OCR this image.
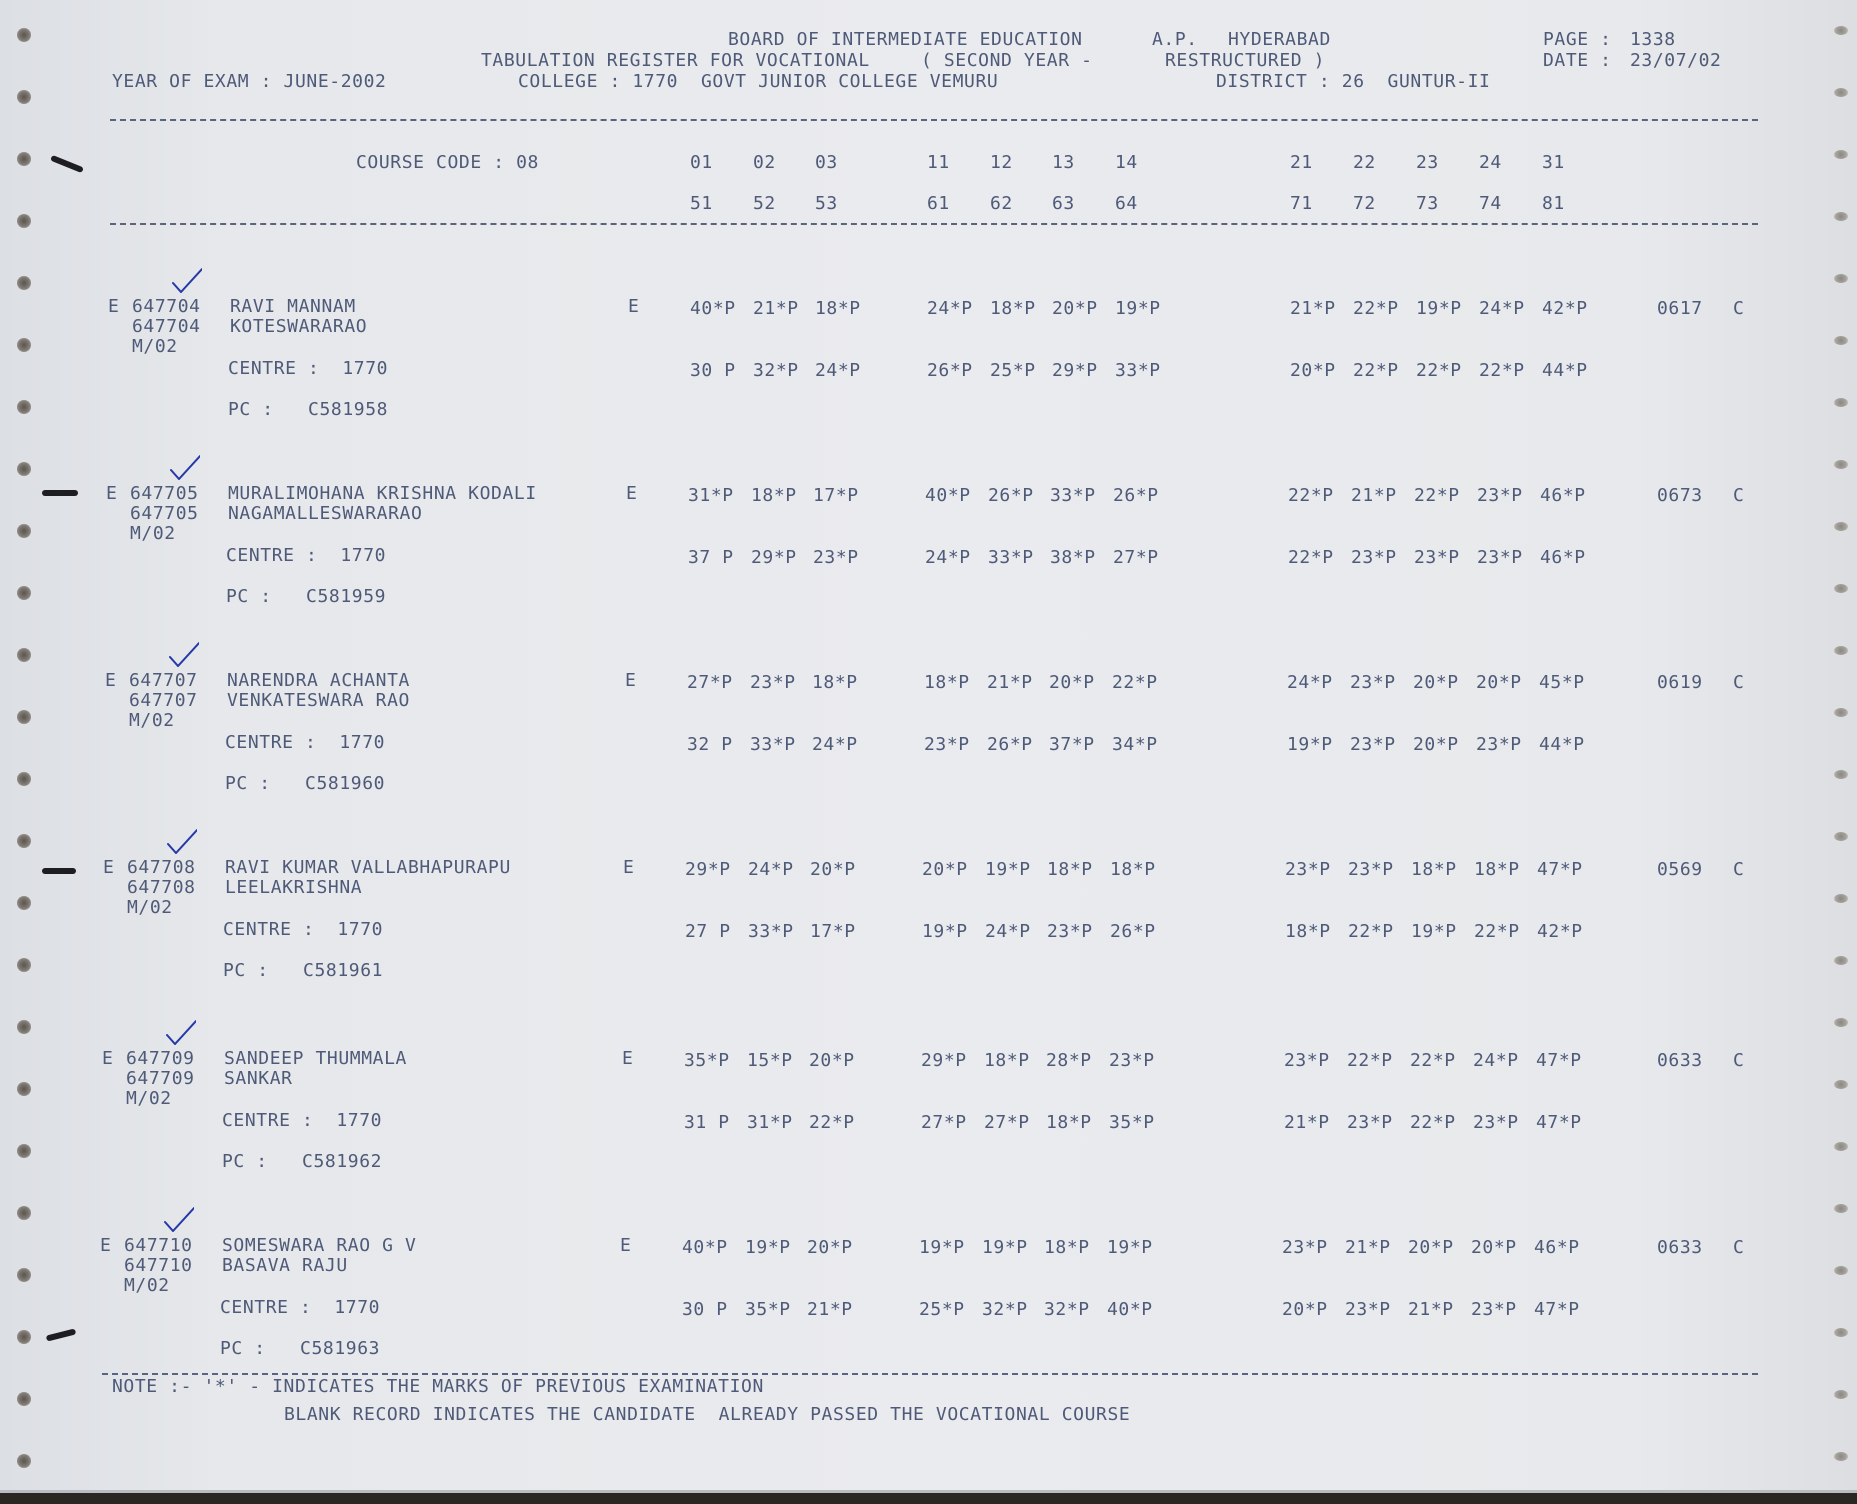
BOARD OF INTERMEDIATE EDUCATION	A.P. HYDERABAD	PAGE : 1338
TABULATION REGISTER FOR VOCATIONAL	( SECOND YEAR -	RESTRUCTURED )	DATE : 23/07/02
YEAR OF EXAM : JUNE-2002	COLLEGE : 1770  GOVT JUNIOR COLLEGE VEMURU	DISTRICT : 26  GUNTUR-II
COURSE CODE : 08	01 02 03	11 12 13 14	21 22 23 24 31
51 52 53	61 62 63 64	71 72 73 74 81
E 647704
647704
M/02
RAVI MANNAM
KOTESWARARAO
CENTRE :  1770
PC :   C581958
E	40*P 21*P 18*P	24*P 18*P 20*P 19*P	21*P 22*P 19*P 24*P 42*P
30 P 32*P 24*P	26*P 25*P 29*P 33*P	20*P 22*P 22*P 22*P 44*P
0617 C
E 647705
647705
M/02
MURALIMOHANA KRISHNA KODALI
NAGAMALLESWARARAO
CENTRE :  1770
PC :   C581959
E	31*P 18*P 17*P	40*P 26*P 33*P 26*P	22*P 21*P 22*P 23*P 46*P
37 P 29*P 23*P	24*P 33*P 38*P 27*P	22*P 23*P 23*P 23*P 46*P
0673 C
E 647707
647707
M/02
NARENDRA ACHANTA
VENKATESWARA RAO
CENTRE :  1770
PC :   C581960
E	27*P 23*P 18*P	18*P 21*P 20*P 22*P	24*P 23*P 20*P 20*P 45*P
32 P 33*P 24*P	23*P 26*P 37*P 34*P	19*P 23*P 20*P 23*P 44*P
0619 C
E 647708
647708
M/02
RAVI KUMAR VALLABHAPURAPU
LEELAKRISHNA
CENTRE :  1770
PC :   C581961
E	29*P 24*P 20*P	20*P 19*P 18*P 18*P	23*P 23*P 18*P 18*P 47*P
27 P 33*P 17*P	19*P 24*P 23*P 26*P	18*P 22*P 19*P 22*P 42*P
0569 C
E 647709
647709
M/02
SANDEEP THUMMALA
SANKAR
CENTRE :  1770
PC :   C581962
E	35*P 15*P 20*P	29*P 18*P 28*P 23*P	23*P 22*P 22*P 24*P 47*P
31 P 31*P 22*P	27*P 27*P 18*P 35*P	21*P 23*P 22*P 23*P 47*P
0633 C
E 647710
647710
M/02
SOMESWARA RAO G V
BASAVA RAJU
CENTRE :  1770
PC :   C581963
E	40*P 19*P 20*P	19*P 19*P 18*P 19*P	23*P 21*P 20*P 20*P 46*P
30 P 35*P 21*P	25*P 32*P 32*P 40*P	20*P 23*P 21*P 23*P 47*P
0633 C
NOTE :- '*' - INDICATES THE MARKS OF PREVIOUS EXAMINATION
BLANK RECORD INDICATES THE CANDIDATE  ALREADY PASSED THE VOCATIONAL COURSE
